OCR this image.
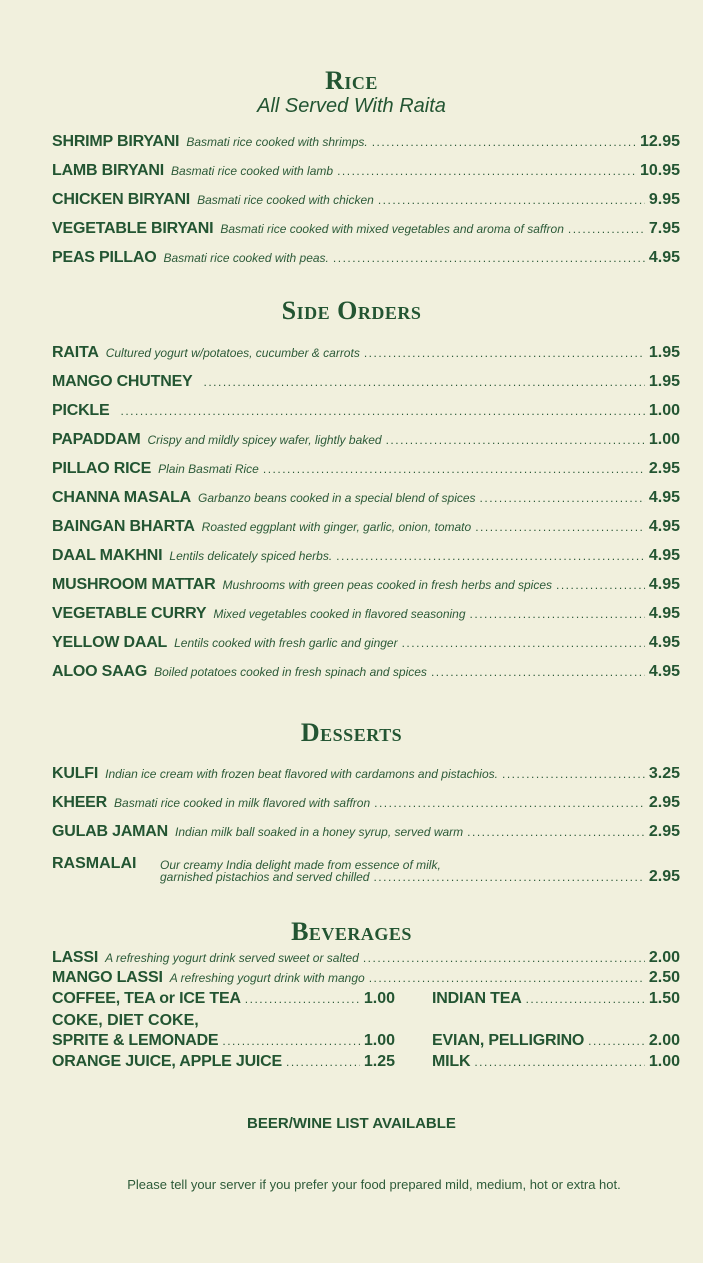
Rice
All Served With Raita
SHRIMP BIRYANI Basmati rice cooked with shrimps. .....	12.95
LAMB BIRYANI Basmati rice cooked with lamb .....	10.95
CHICKEN BIRYANI Basmati rice cooked with chicken .....	9.95
VEGETABLE BIRYANI Basmati rice cooked with mixed vegetables and aroma of saffron .....	7.95
PEAS PILLAO Basmati rice cooked with peas. .....	4.95
Side Orders
RAITA Cultured yogurt w/potatoes, cucumber & carrots .....	1.95
MANGO CHUTNEY .....	1.95
PICKLE .....	1.00
PAPADDAM Crispy and mildly spicey wafer, lightly baked .....	1.00
PILLAO RICE Plain Basmati Rice .....	2.95
CHANNA MASALA Garbanzo beans cooked in a special blend of spices .....	4.95
BAINGAN BHARTA Roasted eggplant with ginger, garlic, onion, tomato .....	4.95
DAAL MAKHNI Lentils delicately spiced herbs. .....	4.95
MUSHROOM MATTAR Mushrooms with green peas cooked in fresh herbs and spices .....	4.95
VEGETABLE CURRY Mixed vegetables cooked in flavored seasoning .....	4.95
YELLOW DAAL Lentils cooked with fresh garlic and ginger .....	4.95
ALOO SAAG Boiled potatoes cooked in fresh spinach and spices .....	4.95
Desserts
KULFI Indian ice cream with frozen beat flavored with cardamons and pistachios. .....	3.25
KHEER Basmati rice cooked in milk flavored with saffron .....	2.95
GULAB JAMAN Indian milk ball soaked in a honey syrup, served warm .....	2.95
RASMALAI Our creamy India delight made from essence of milk,
garnished pistachios and served chilled .....	2.95
Beverages
LASSI A refreshing yogurt drink served sweet or salted .....	2.00
MANGO LASSI A refreshing yogurt drink with mango .....	2.50
COFFEE, TEA or ICE TEA .....	1.00 INDIAN TEA .....	1.50
COKE, DIET COKE,
SPRITE & LEMONADE .....	1.00 EVIAN, PELLIGRINO .....	2.00
ORANGE JUICE, APPLE JUICE .....	1.25 MILK .....	1.00
BEER/WINE LIST AVAILABLE
Please tell your server if you prefer your food prepared mild, medium, hot or extra hot.
